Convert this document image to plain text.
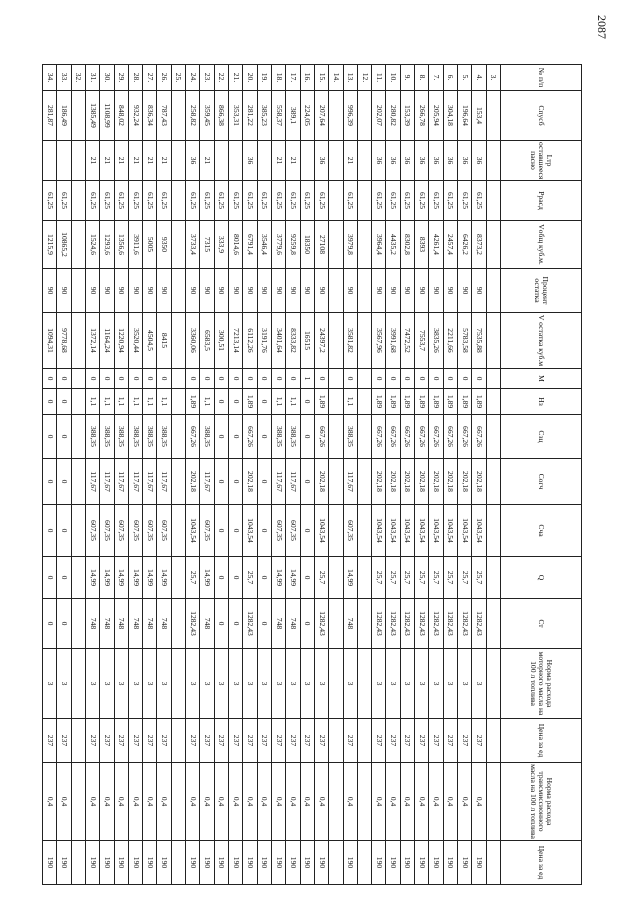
2087
№ п/п	Cпусб	Lтр оставшееся пасно	Ррасд	Vобщ куб.м.	Процент остатка	V остатка куб.м	М	Нз	Сзц	Согч	Сча	Q	Ст	Норма расхода моторного масла на 100 л топлива	Цена за ед	Норма расхода трансмиссионного масла на 100 л топлива	Цена за ед
3.																	
4.	153,4	36	61,25	8373,2	90	7535,88	0	1,89	667,26	202,18	1043,54	25,7	1282,43	3	237	0,4	190
5.	196,64	36	61,25	6426,2	90	5783,58	0	1,89	667,26	202,18	1043,54	25,7	1282,43	3	237	0,4	190
6.	304,18	36	61,25	2457,4	90	2211,66	0	1,89	667,26	202,18	1043,54	25,7	1282,43	3	237	0,4	190
7.	205,94	36	61,25	4261,4	90	3835,26	0	1,89	667,26	202,18	1043,54	25,7	1282,43	3	237	0,4	190
8.	266,78	36	61,25	8393	90	7553,7	0	1,89	667,26	202,18	1043,54	25,7	1282,43	3	237	0,4	190
9.	153,39	36	61,25	8302,8	90	7472,52	0	1,89	667,26	202,18	1043,54	25,7	1282,43	3	237	0,4	190
10.	280,82	36	61,25	4435,2	90	3991,68	0	1,89	667,26	202,18	1043,54	25,7	1282,43	3	237	0,4	190
11.	202,07	36	61,25	3964,4	90	3567,96	0	1,89	667,26	202,18	1043,54	25,7	1282,43	3	237	0,4	190
12.																	
13.	996,39	21	61,25	3979,8	90	3581,82	0	1,1	388,35	117,67	607,35	14,99	748	3	237	0,4	190
14.																	
15.	207,64	36	61,25	27108	90	24397,2	0	1,89	667,26	202,18	1043,54	25,7	1282,43	3	237	0,4	190
16.	224,05		61,25	18350	90	16515	1	0	0	0	0	0	0	3	237	0,4	190
17.	389,1	21	61,25	9259,8	90	8333,82	0	1,1	388,35	117,67	607,35	14,99	748	3	237	0,4	190
18.	558,37	21	61,25	3779,6	90	3401,64	0	1,1	388,35	117,67	607,35	14,99	748	3	237	0,4	190
19.	385,23		61,25	3546,4	90	3191,76	0	0	0	0	0	0	0	3	237	0,4	190
20.	281,22	36	61,25	6791,4	90	6112,26	0	1,89	667,26	202,18	1043,54	25,7	1282,43	3	237	0,4	190
21.	353,31		61,25	8014,6	90	7213,14	0	0	0	0	0	0	0	3	237	0,4	190
22.	866,38		61,25	333,9	90	300,51	0	0	0	0	0	0	0	3	237	0,4	190
23.	359,45	21	61,25	7315	90	6583,5	0	1,1	388,35	117,67	607,35	14,99	748	3	237	0,4	190
24.	258,82	36	61,25	3733,4	90	3360,06	0	1,89	667,26	202,18	1043,54	25,7	1282,43	3	237	0,4	190
25.																	
26.	787,43	21	61,25	9350	90	8415	0	1,1	388,35	117,67	607,35	14,99	748	3	237	0,4	190
27.	836,34	21	61,25	5005	90	4504,5	0	1,1	388,35	117,67	607,35	14,99	748	3	237	0,4	190
28.	932,24	21	61,25	3911,6	90	3520,44	0	1,1	388,35	117,67	607,35	14,99	748	3	237	0,4	190
29.	848,02	21	61,25	1356,6	90	1220,94	0	1,1	388,35	117,67	607,35	14,99	748	3	237	0,4	190
30.	1108,99	21	61,25	1293,6	90	1164,24	0	1,1	388,35	117,67	607,35	14,99	748	3	237	0,4	190
31.	1385,49	21	61,25	1524,6	90	1372,14	0	1,1	388,35	117,67	607,35	14,99	748	3	237	0,4	190
32.																	
33.	186,49		61,25	10865,2	90	9778,68	0	0	0	0	0	0	0	3	237	0,4	190
34.	281,87		61,25	1215,9	90	1094,31	0	0	0	0	0	0	0	3	237	0,4	190
